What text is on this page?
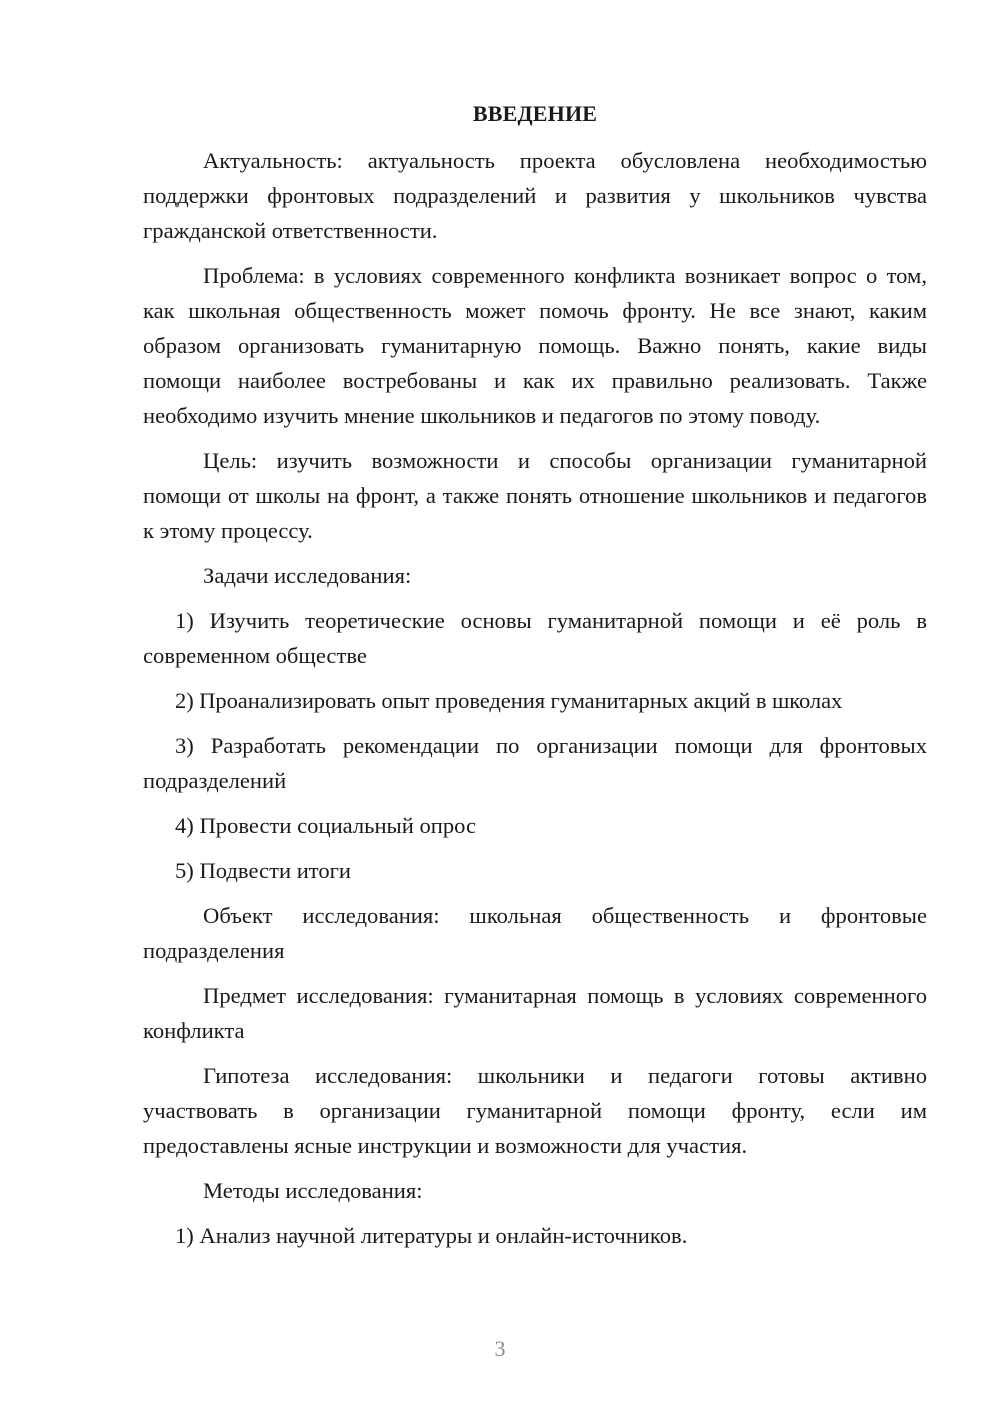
ВВЕДЕНИЕ

Актуальность: актуальность проекта обусловлена необходимостью поддержки фронтовых подразделений и развития у школьников чувства гражданской ответственности.

Проблема: в условиях современного конфликта возникает вопрос о том, как школьная общественность может помочь фронту. Не все знают, каким образом организовать гуманитарную помощь. Важно понять, какие виды помощи наиболее востребованы и как их правильно реализовать. Также необходимо изучить мнение школьников и педагогов по этому поводу.

Цель: изучить возможности и способы организации гуманитарной помощи от школы на фронт, а также понять отношение школьников и педагогов к этому процессу.

Задачи исследования:

1) Изучить теоретические основы гуманитарной помощи и её роль в современном обществе

2) Проанализировать опыт проведения гуманитарных акций в школах

3) Разработать рекомендации по организации помощи для фронтовых подразделений

4) Провести социальный опрос

5) Подвести итоги

Объект исследования: школьная общественность и фронтовые подразделения

Предмет исследования: гуманитарная помощь в условиях современного конфликта

Гипотеза исследования: школьники и педагоги готовы активно участвовать в организации гуманитарной помощи фронту, если им предоставлены ясные инструкции и возможности для участия.

Методы исследования:

1) Анализ научной литературы и онлайн-источников.

3
